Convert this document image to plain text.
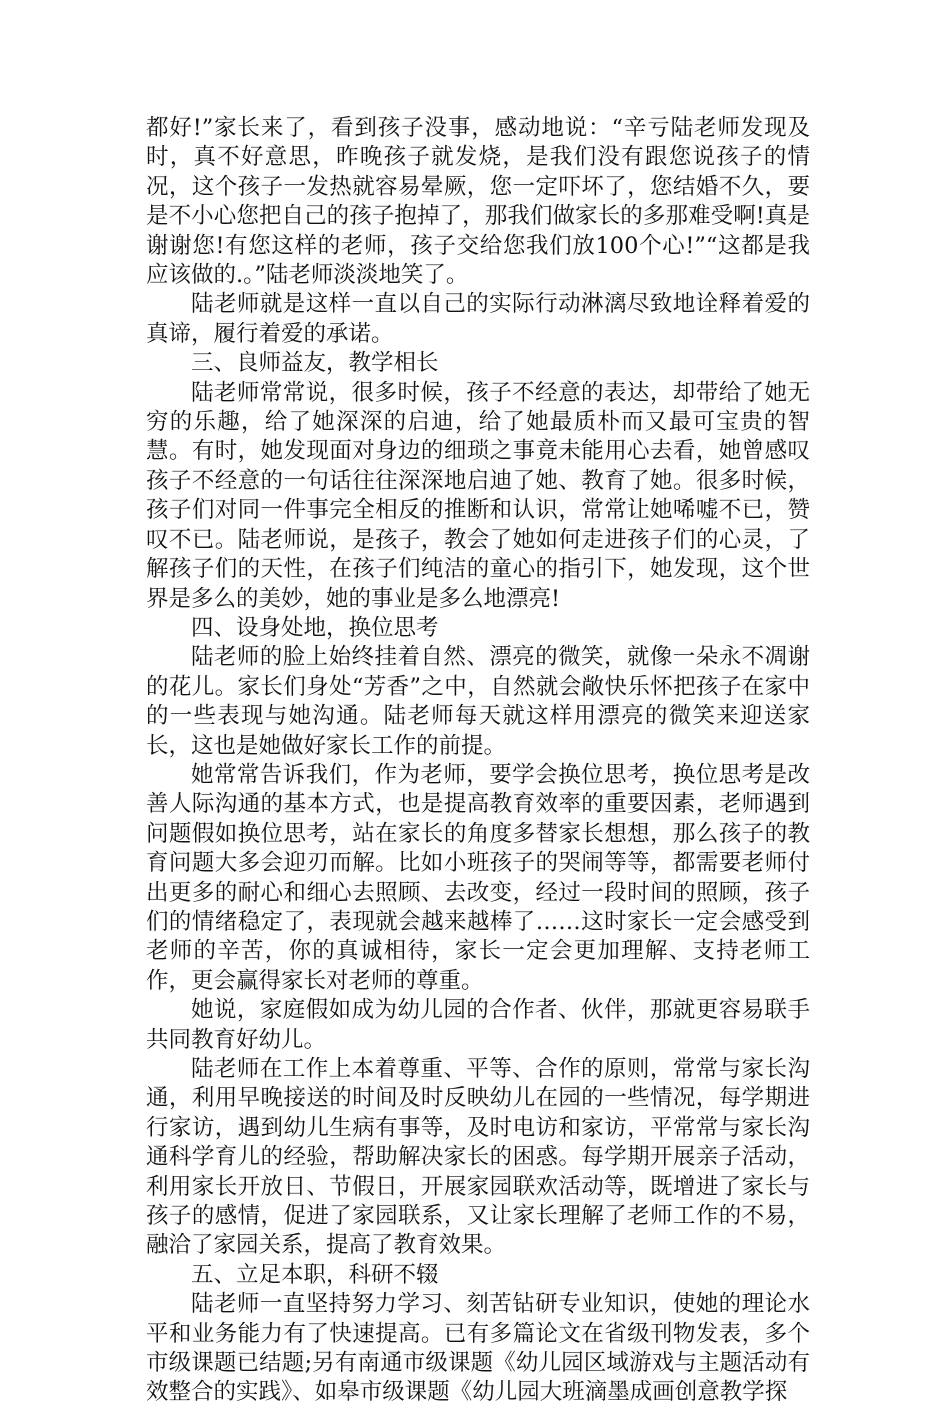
都好!”家长来了，看到孩子没事，感动地说：“辛亏陆老师发现及时，真不好意思，昨晚孩子就发烧，是我们没有跟您说孩子的情况，这个孩子一发热就容易晕厥，您一定吓坏了，您结婚不久，要是不小心您把自己的孩子抱掉了，那我们做家长的多那难受啊!真是谢谢您!有您这样的老师，孩子交给您我们放100个心!”“这都是我应该做的.。”陆老师淡淡地笑了。

陆老师就是这样一直以自己的实际行动淋漓尽致地诠释着爱的真谛，履行着爱的承诺。

三、良师益友，教学相长

陆老师常常说，很多时候，孩子不经意的表达，却带给了她无穷的乐趣，给了她深深的启迪，给了她最质朴而又最可宝贵的智慧。有时，她发现面对身边的细琐之事竟未能用心去看，她曾感叹孩子不经意的一句话往往深深地启迪了她、教育了她。很多时候，孩子们对同一件事完全相反的推断和认识，常常让她唏嘘不已，赞叹不已。陆老师说，是孩子，教会了她如何走进孩子们的心灵，了解孩子们的天性，在孩子们纯洁的童心的指引下，她发现，这个世界是多么的美妙，她的事业是多么地漂亮!

四、设身处地，换位思考

陆老师的脸上始终挂着自然、漂亮的微笑，就像一朵永不凋谢的花儿。家长们身处“芳香”之中，自然就会敞快乐怀把孩子在家中的一些表现与她沟通。陆老师每天就这样用漂亮的微笑来迎送家长，这也是她做好家长工作的前提。

她常常告诉我们，作为老师，要学会换位思考，换位思考是改善人际沟通的基本方式，也是提高教育效率的重要因素，老师遇到问题假如换位思考，站在家长的角度多替家长想想，那么孩子的教育问题大多会迎刃而解。比如小班孩子的哭闹等等，都需要老师付出更多的耐心和细心去照顾、去改变，经过一段时间的照顾，孩子们的情绪稳定了，表现就会越来越棒了……这时家长一定会感受到老师的辛苦，你的真诚相待，家长一定会更加理解、支持老师工作，更会赢得家长对老师的尊重。

她说，家庭假如成为幼儿园的合作者、伙伴，那就更容易联手共同教育好幼儿。

陆老师在工作上本着尊重、平等、合作的原则，常常与家长沟通，利用早晚接送的时间及时反映幼儿在园的一些情况，每学期进行家访，遇到幼儿生病有事等，及时电访和家访，平常常与家长沟通科学育儿的经验，帮助解决家长的困惑。每学期开展亲子活动，利用家长开放日、节假日，开展家园联欢活动等，既增进了家长与孩子的感情，促进了家园联系，又让家长理解了老师工作的不易，融洽了家园关系，提高了教育效果。

五、立足本职，科研不辍

陆老师一直坚持努力学习、刻苦钻研专业知识，使她的理论水平和业务能力有了快速提高。已有多篇论文在省级刊物发表，多个市级课题已结题;另有南通市级课题《幼儿园区域游戏与主题活动有效整合的实践》、如皋市级课题《幼儿园大班滴墨成画创意教学探
